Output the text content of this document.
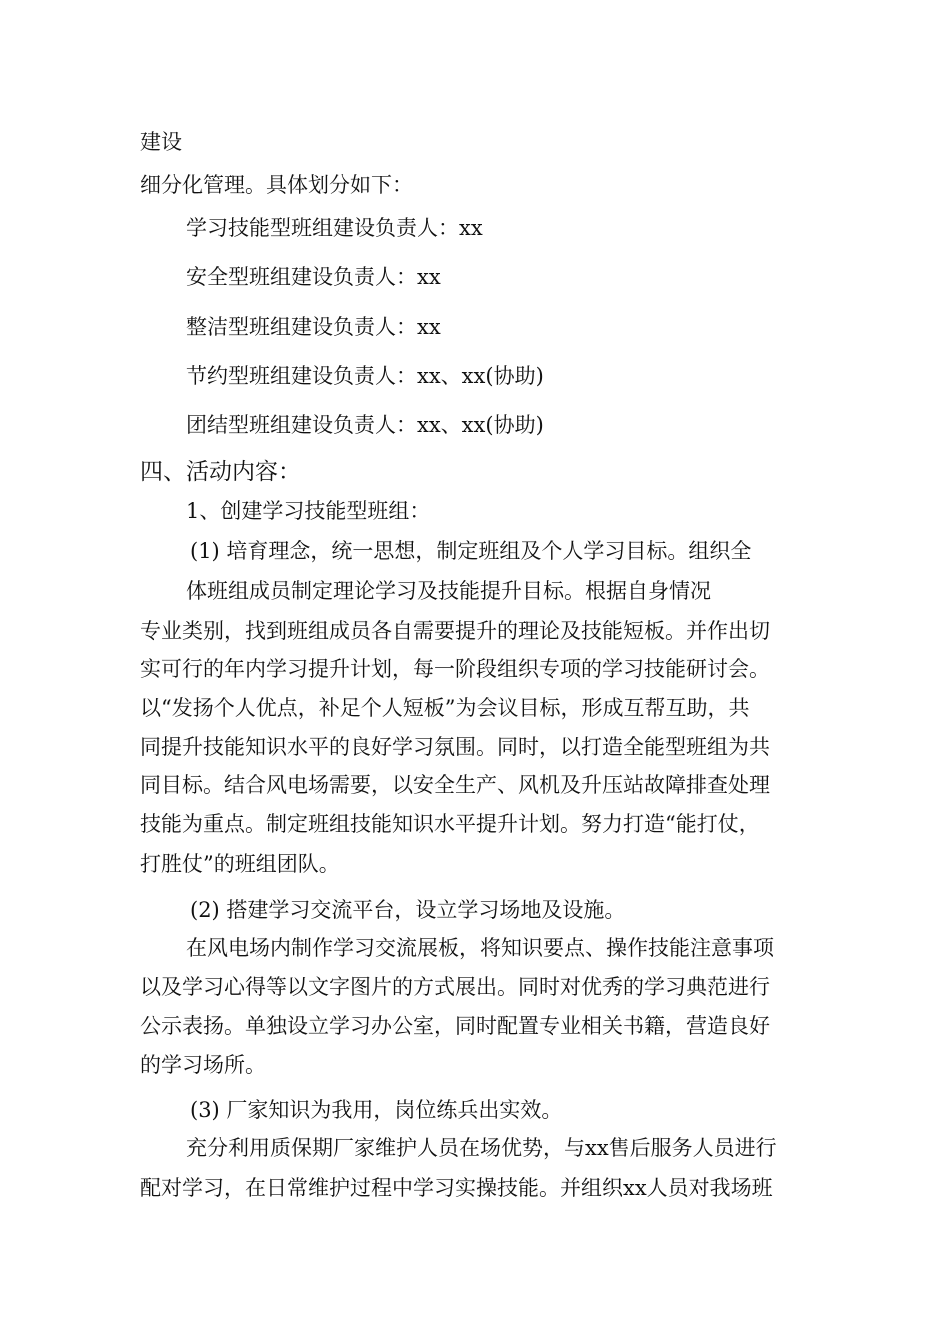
建设
细分化管理。具体划分如下：
学习技能型班组建设负责人：xx
安全型班组建设负责人：xx
整洁型班组建设负责人：xx
节约型班组建设负责人：xx、xx(协助)
团结型班组建设负责人：xx、xx(协助)
四、活动内容：
1、创建学习技能型班组：
(1) 培育理念，统一思想，制定班组及个人学习目标。组织全
体班组成员制定理论学习及技能提升目标。根据自身情况
专业类别，找到班组成员各自需要提升的理论及技能短板。并作出切
实可行的年内学习提升计划，每一阶段组织专项的学习技能研讨会。
以“发扬个人优点，补足个人短板”为会议目标，形成互帮互助，共
同提升技能知识水平的良好学习氛围。同时，以打造全能型班组为共
同目标。结合风电场需要，以安全生产、风机及升压站故障排查处理
技能为重点。制定班组技能知识水平提升计划。努力打造“能打仗，
打胜仗”的班组团队。
(2) 搭建学习交流平台，设立学习场地及设施。
在风电场内制作学习交流展板，将知识要点、操作技能注意事项
以及学习心得等以文字图片的方式展出。同时对优秀的学习典范进行
公示表扬。单独设立学习办公室，同时配置专业相关书籍，营造良好
的学习场所。
(3) 厂家知识为我用，岗位练兵出实效。
充分利用质保期厂家维护人员在场优势，与xx售后服务人员进行
配对学习，在日常维护过程中学习实操技能。并组织xx人员对我场班
